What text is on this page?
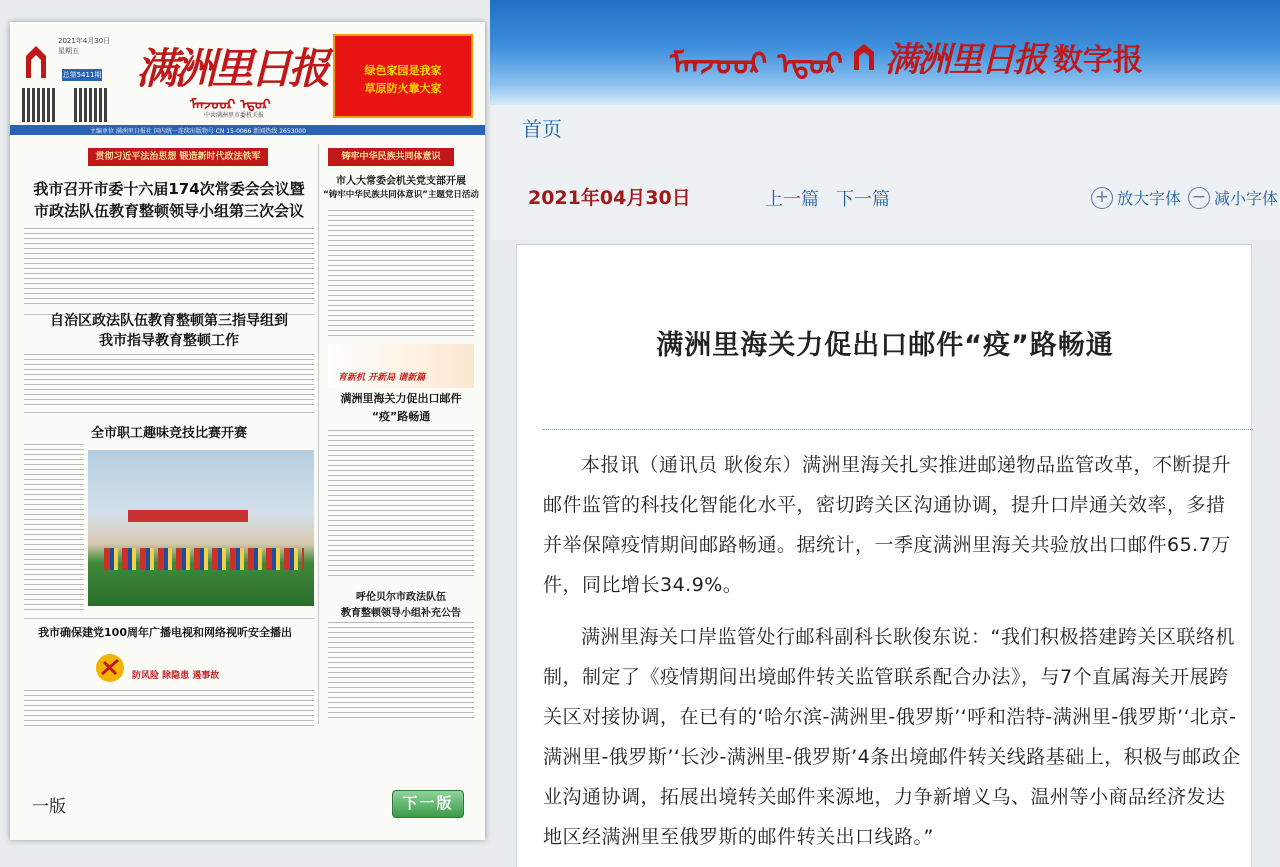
ᠮᠠᠨᠵᠤᠤᠷ ᠡᠳᠦᠷ 满洲里日报 数字报
首页
2021年04月30日	上一篇 下一篇	+ 放大字体 − 减小字体
满洲里海关力促出口邮件“疫”路畅通

本报讯（通讯员 耿俊东）满洲里海关扎实推进邮递物品监管改革，不断提升邮件监管的科技化智能化水平，密切跨关区沟通协调，提升口岸通关效率，多措并举保障疫情期间邮路畅通。据统计，一季度满洲里海关共验放出口邮件65.7万件，同比增长34.9%。

满洲里海关口岸监管处行邮科副科长耿俊东说：“我们积极搭建跨关区联络机制，制定了《疫情期间出境邮件转关监管联系配合办法》，与7个直属海关开展跨关区对接协调，在已有的‘哈尔滨-满洲里-俄罗斯’‘呼和浩特-满洲里-俄罗斯’‘北京-满洲里-俄罗斯’‘长沙-满洲里-俄罗斯’4条出境邮件转关线路基础上，积极与邮政企业沟通协调，拓展出境转关邮件来源地，力争新增义乌、温州等小商品经济发达地区经满洲里至俄罗斯的邮件转关出口线路。”

2021年4月30日
星期五
总第5411期 满洲里日报
ᠮᠠᠨᠵᠤᠤᠷ ᠡᠳᠦᠷ
中共满洲里市委机关报
绿色家园是我家
草原防火靠大家
主编单位 满洲里日报社 国内统一连续出版物号 CN 15-0066 新闻热线 2653000
贯彻习近平法治思想 锻造新时代政法铁军	铸牢中华民族共同体意识
我市召开市委十六届174次常委会会议暨
市政法队伍教育整顿领导小组第三次会议
自治区政法队伍教育整顿第三指导组到
我市指导教育整顿工作
全市职工趣味竞技比赛开赛
我市确保建党100周年广播电视和网络视听安全播出
防风险 除隐患 遏事故
市人大常委会机关党支部开展
“铸牢中华民族共同体意识”主题党日活动
育新机 开新局 谱新篇
满洲里海关力促出口邮件
“疫”路畅通
呼伦贝尔市政法队伍
教育整顿领导小组补充公告
一版	下一版
